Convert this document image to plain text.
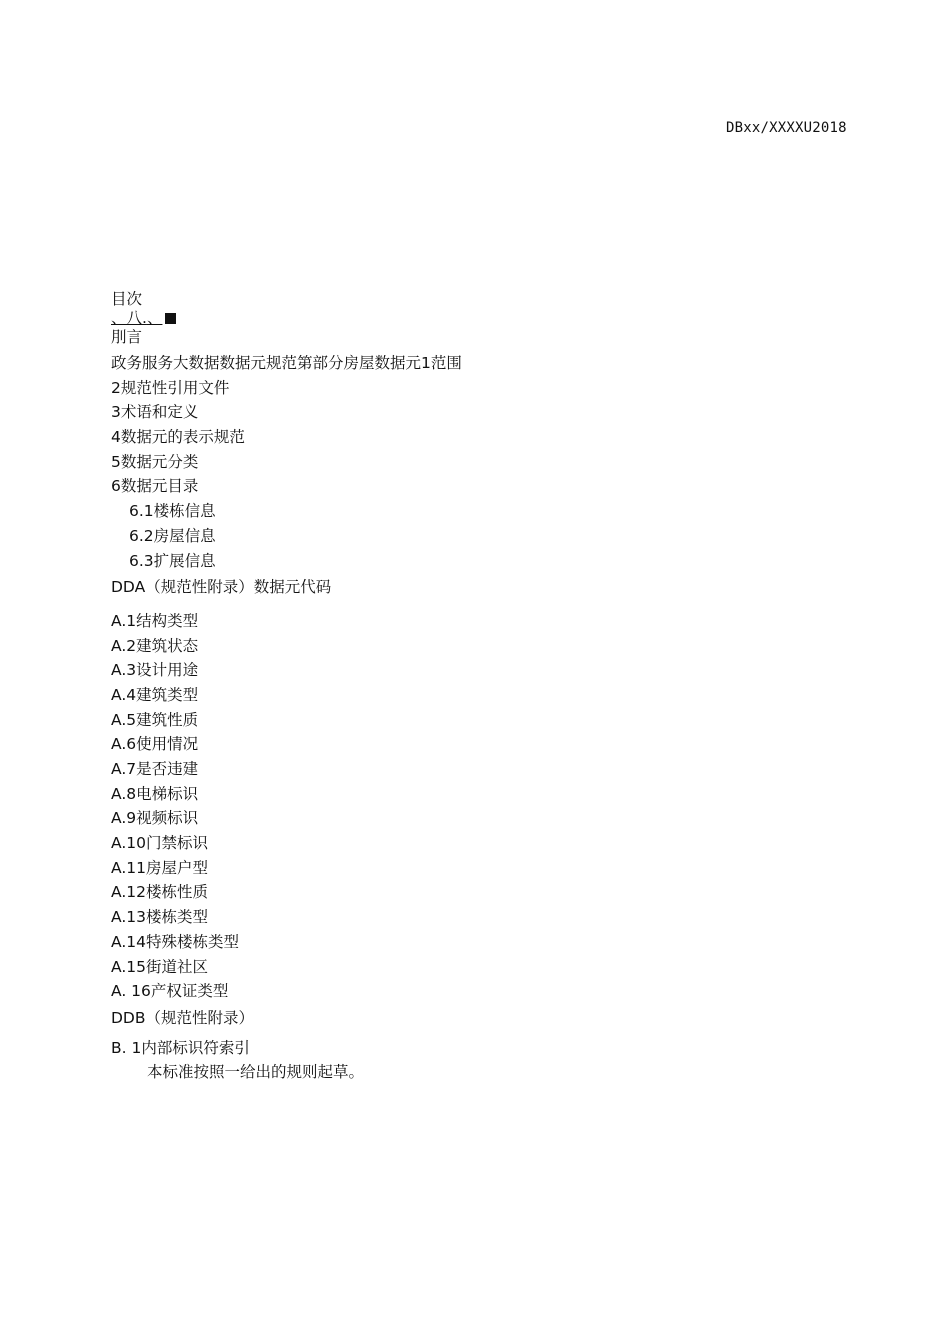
DBxx/XXXXU2018
目次
、八.、
刖言
政务服务大数据数据元规范第部分房屋数据元1范围
2规范性引用文件
3术语和定义
4数据元的表示规范
5数据元分类
6数据元目录
6.1楼栋信息
6.2房屋信息
6.3扩展信息
DDA（规范性附录）数据元代码
A.1结构类型
A.2建筑状态
A.3设计用途
A.4建筑类型
A.5建筑性质
A.6使用情况
A.7是否违建
A.8电梯标识
A.9视频标识
A.10门禁标识
A.11房屋户型
A.12楼栋性质
A.13楼栋类型
A.14特殊楼栋类型
A.15街道社区
A. 16产权证类型
DDB（规范性附录）
B. 1内部标识符索引
本标准按照一给出的规则起草。
